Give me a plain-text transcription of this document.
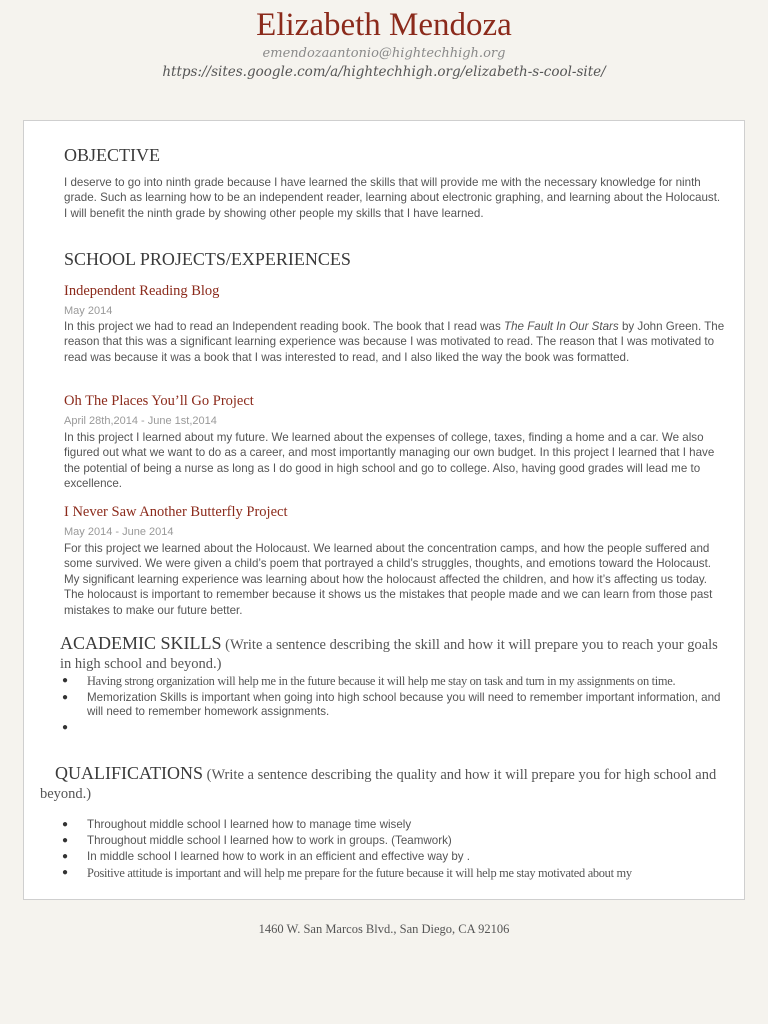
Elizabeth Mendoza
emendozaantonio@hightechhigh.org
https://sites.google.com/a/hightechhigh.org/elizabeth-s-cool-site/
OBJECTIVE

I deserve to go into ninth grade because I have learned the skills that will provide me with the necessary knowledge for ninth grade. Such as learning how to be an independent reader, learning about electronic graphing, and learning about the Holocaust. I will benefit the ninth grade by showing other people my skills that I have learned.

SCHOOL PROJECTS/EXPERIENCES
Independent Reading Blog
May 2014

In this project we had to read an Independent reading book. The book that I read was The Fault In Our Stars by John Green. The reason that this was a significant learning experience was because I was motivated to read. The reason that I was motivated to read was because it was a book that I was interested to read, and I also liked the way the book was formatted.

Oh The Places You’ll Go Project
April 28th,2014 - June 1st,2014

In this project I learned about my future. We learned about the expenses of college, taxes, finding a home and a car. We also figured out what we want to do as a career, and most importantly managing our own budget. In this project I learned that I have the potential of being a nurse as long as I do good in high school and go to college. Also, having good grades will lead me to excellence.

I Never Saw Another Butterfly Project
May 2014 - June 2014

For this project we learned about the Holocaust. We learned about the concentration camps, and how the people suffered and some survived. We were given a child’s poem that portrayed a child’s struggles, thoughts, and emotions toward the Holocaust. My significant learning experience was learning about how the holocaust affected the children, and how it’s affecting us today. The holocaust is important to remember because it shows us the mistakes that people made and we can learn from those past mistakes to make our future better.

ACADEMIC SKILLS (Write a sentence describing the skill and how it will prepare you to reach your goals in high school and beyond.)
● Having strong organization will help me in the future because it will help me stay on task and turn in my assignments on time.
● Memorization Skills is important when going into high school because you will need to remember important information, and will need to remember homework assignments.
●
QUALIFICATIONS (Write a sentence describing the quality and how it will prepare you for high school and beyond.)
● Throughout middle school I learned how to manage time wisely
● Throughout middle school I learned how to work in groups. (Teamwork)
● In middle school I learned how to work in an efficient and effective way by .
● Positive attitude is important and will help me prepare for the future because it will help me stay motivated about my
1460 W. San Marcos Blvd., San Diego, CA 92106
